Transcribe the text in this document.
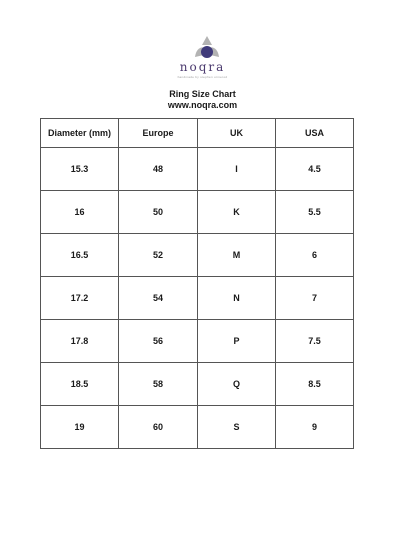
noqra
handmade by stephen ormerod
Ring Size Chart
www.noqra.com
Diameter (mm)	Europe	UK	USA
15.3	48	I	4.5
16	50	K	5.5
16.5	52	M	6
17.2	54	N	7
17.8	56	P	7.5
18.5	58	Q	8.5
19	60	S	9
